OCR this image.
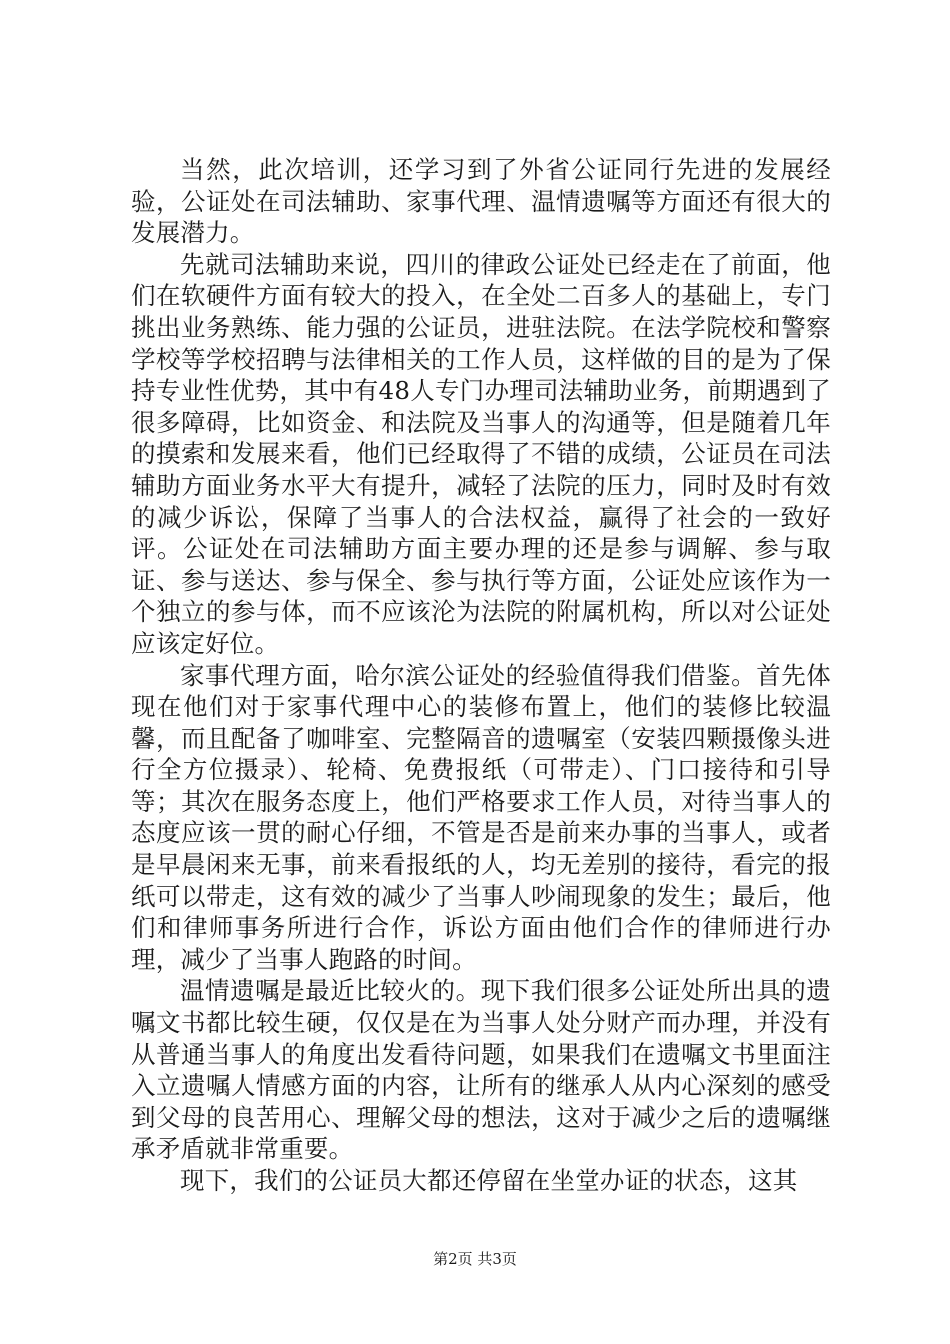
当然，此次培训，还学习到了外省公证同行先进的发展经验，公证处在司法辅助、家事代理、温情遗嘱等方面还有很大的发展潜力。

先就司法辅助来说，四川的律政公证处已经走在了前面，他们在软硬件方面有较大的投入，在全处二百多人的基础上，专门挑出业务熟练、能力强的公证员，进驻法院。在法学院校和警察学校等学校招聘与法律相关的工作人员，这样做的目的是为了保持专业性优势，其中有48人专门办理司法辅助业务，前期遇到了很多障碍，比如资金、和法院及当事人的沟通等，但是随着几年的摸索和发展来看，他们已经取得了不错的成绩，公证员在司法辅助方面业务水平大有提升，减轻了法院的压力，同时及时有效的减少诉讼，保障了当事人的合法权益，赢得了社会的一致好评。公证处在司法辅助方面主要办理的还是参与调解、参与取证、参与送达、参与保全、参与执行等方面，公证处应该作为一个独立的参与体，而不应该沦为法院的附属机构，所以对公证处应该定好位。

家事代理方面，哈尔滨公证处的经验值得我们借鉴。首先体现在他们对于家事代理中心的装修布置上，他们的装修比较温馨，而且配备了咖啡室、完整隔音的遗嘱室（安装四颗摄像头进行全方位摄录）、轮椅、免费报纸（可带走）、门口接待和引导等；其次在服务态度上，他们严格要求工作人员，对待当事人的态度应该一贯的耐心仔细，不管是否是前来办事的当事人，或者是早晨闲来无事，前来看报纸的人，均无差别的接待，看完的报纸可以带走，这有效的减少了当事人吵闹现象的发生；最后，他们和律师事务所进行合作，诉讼方面由他们合作的律师进行办理，减少了当事人跑路的时间。

温情遗嘱是最近比较火的。现下我们很多公证处所出具的遗嘱文书都比较生硬，仅仅是在为当事人处分财产而办理，并没有从普通当事人的角度出发看待问题，如果我们在遗嘱文书里面注入立遗嘱人情感方面的内容，让所有的继承人从内心深刻的感受到父母的良苦用心、理解父母的想法，这对于减少之后的遗嘱继承矛盾就非常重要。

现下，我们的公证员大都还停留在坐堂办证的状态，这其

第2页 共3页
